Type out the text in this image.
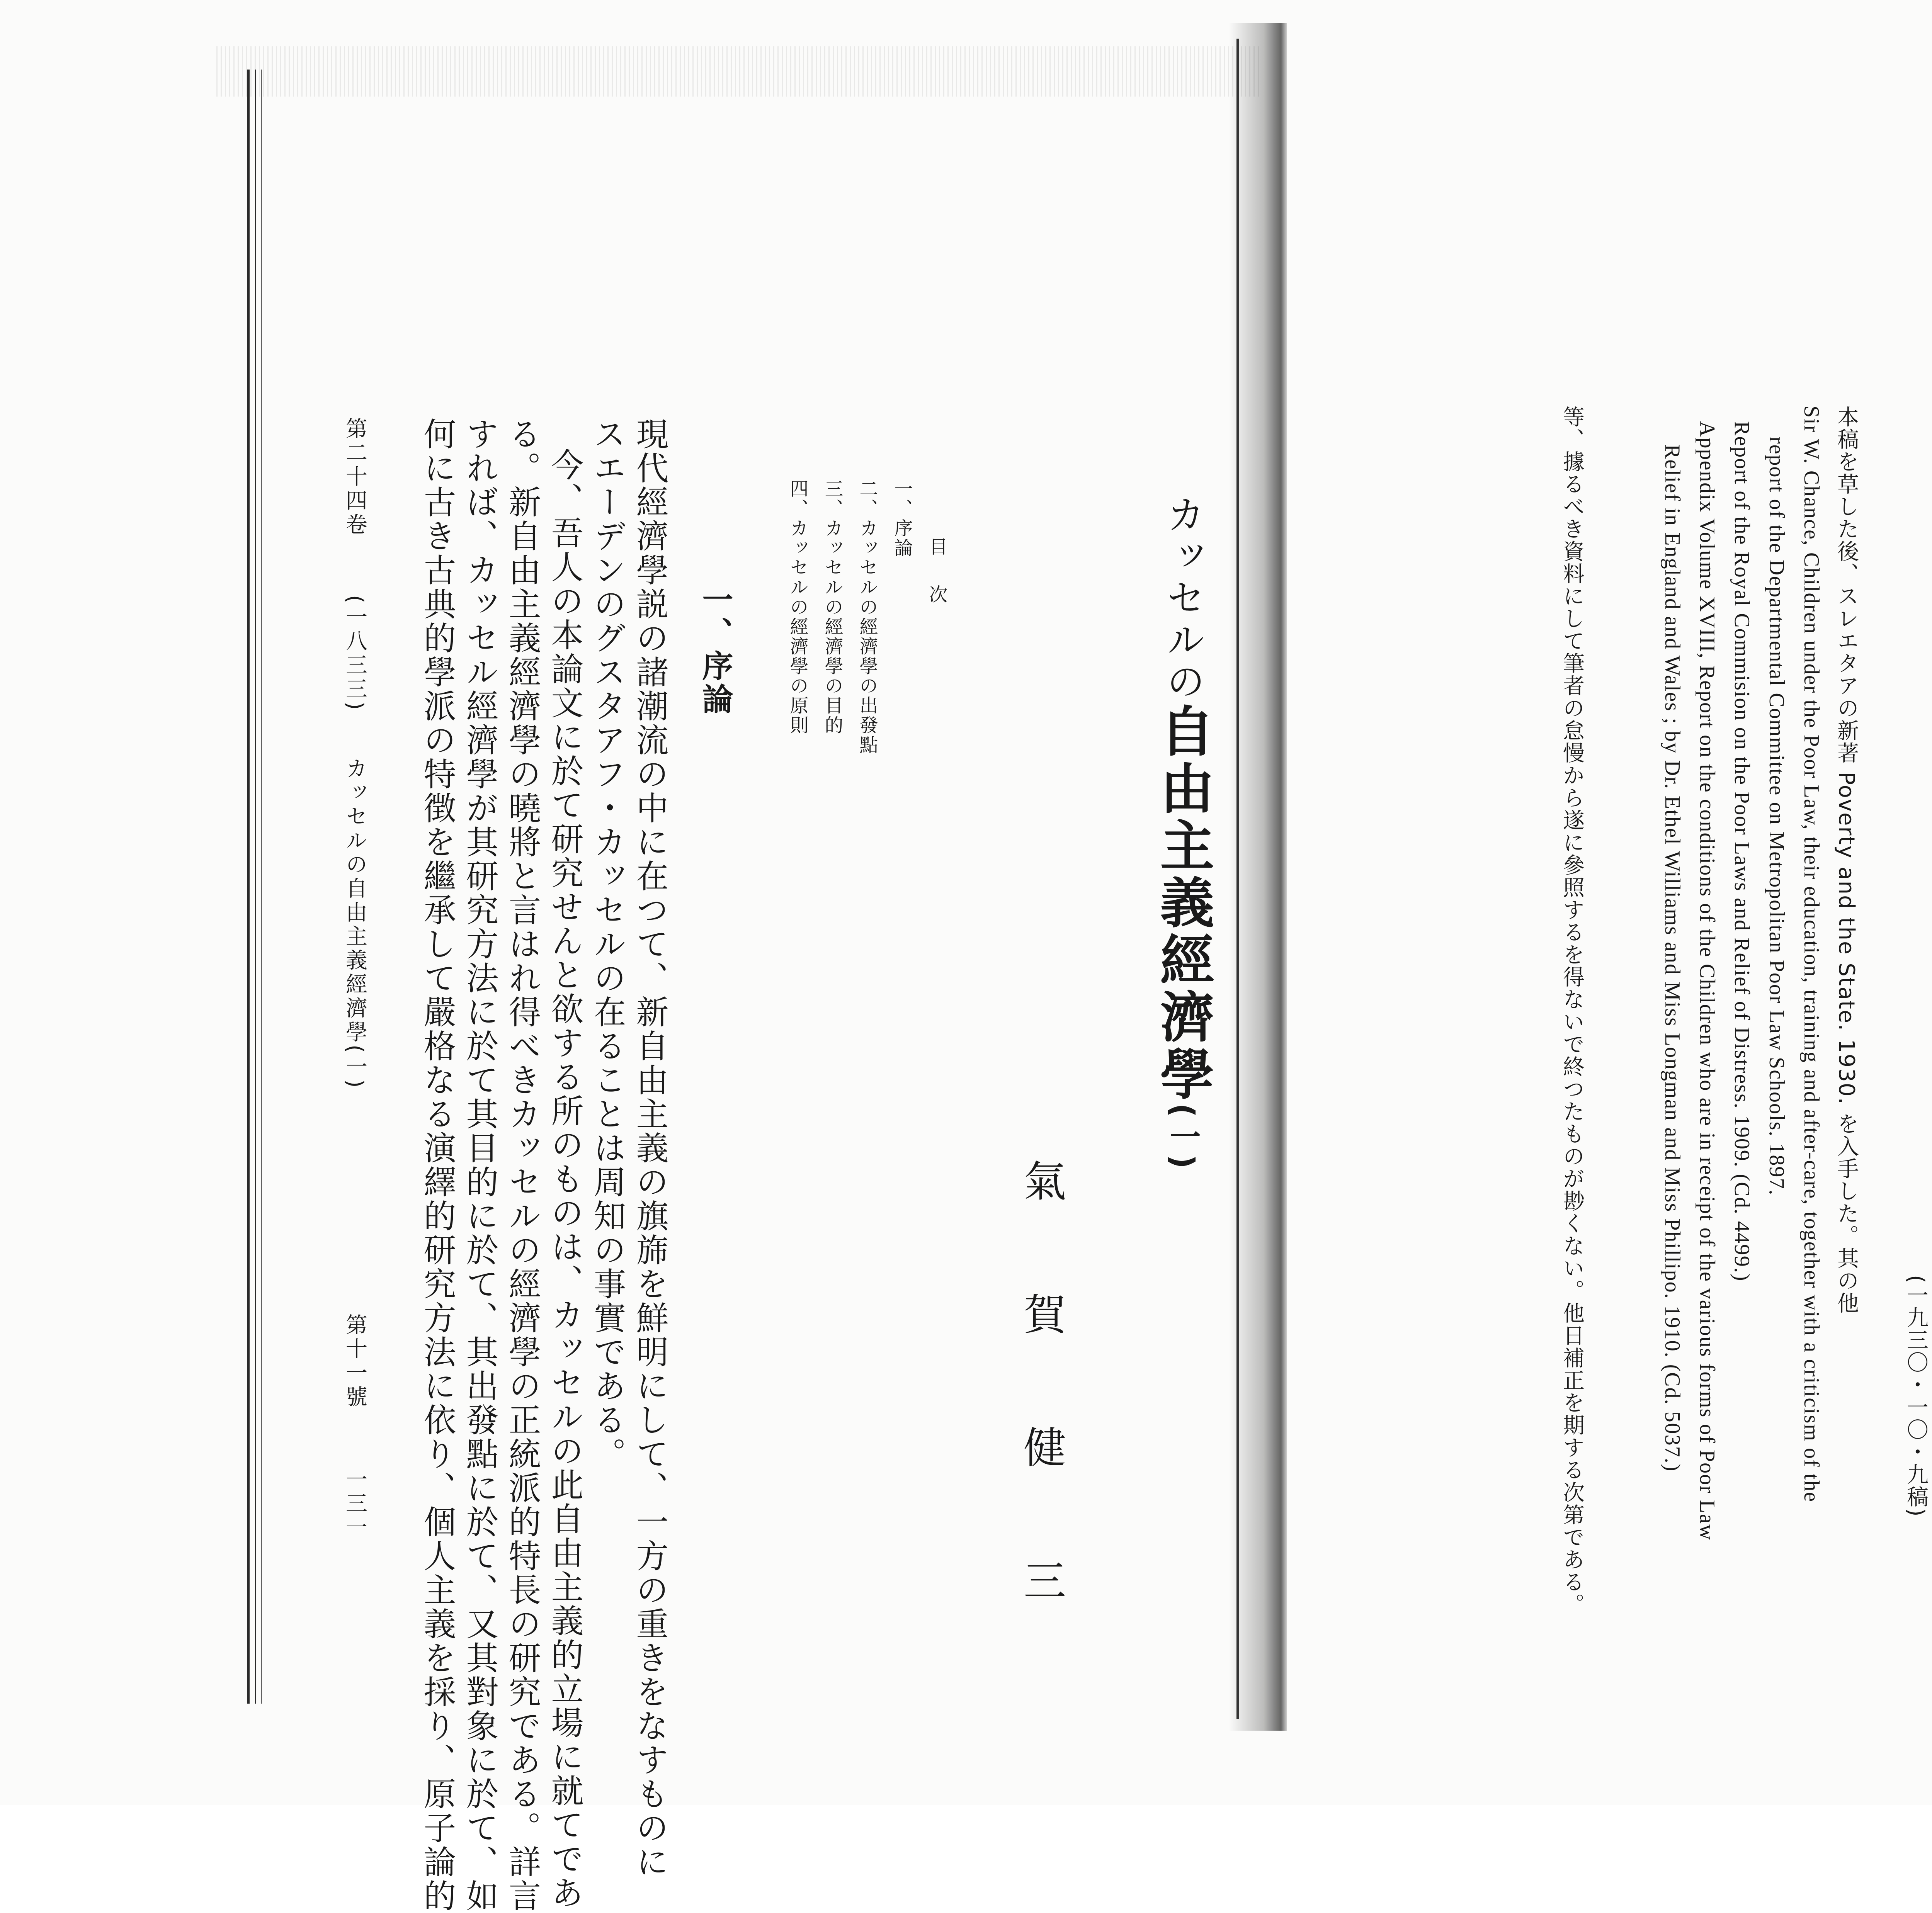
カッセルの自由主義經濟學(一)
氣 賀 健 三
目 次
一、序論
二、カッセルの經濟學の出發點
三、カッセルの經濟學の目的
四、カッセルの經濟學の原則
一、序論
現代經濟學説の諸潮流の中に在つて、新自由主義の旗旆を鮮明にして、一方の重きをなすものに
スエーデンのグスタアフ・カッセルの在ることは周知の事實である。
今、吾人の本論文に於て研究せんと欲する所のものは、カッセルの此自由主義的立場に就てであ
る。新自由主義經濟學の曉將と言はれ得べきカッセルの經濟學の正統派的特長の研究である。詳言
すれば、カッセル經濟學が其研究方法に於て其目的に於て、其出發點に於て、又其對象に於て、如
何に古き古典的學派の特徴を繼承して嚴格なる演繹的研究方法に依り、個人主義を採り、原子論的
第二十四卷
(一八三三)
カッセルの自由主義經濟學(一)
第十一號
一三一	(一九三〇・一〇・九稿)
本稿を草した後、スレエタアの新著 Poverty and the State. 1930. を入手した。其の他
Sir W. Chance, Children under the Poor Law, their education, training and after-care, together with a criticism of the
report of the Departmental Committee on Metropolitan Poor Law Schools. 1897.
Report of the Royal Commision on the Poor Laws and Relief of Distress. 1909. (Cd. 4499.)
Appendix Volume XVIII, Report on the conditions of the Children who are in receipt of the various forms of Poor Law
Relief in England and Wales ; by Dr. Ethel Williams and Miss Longman and Miss Phillipo. 1910. (Cd. 5037.)
等、據るべき資料にして筆者の怠慢から遂に參照するを得ないで終つたものが尠くない。他日補正を期する次第である。
